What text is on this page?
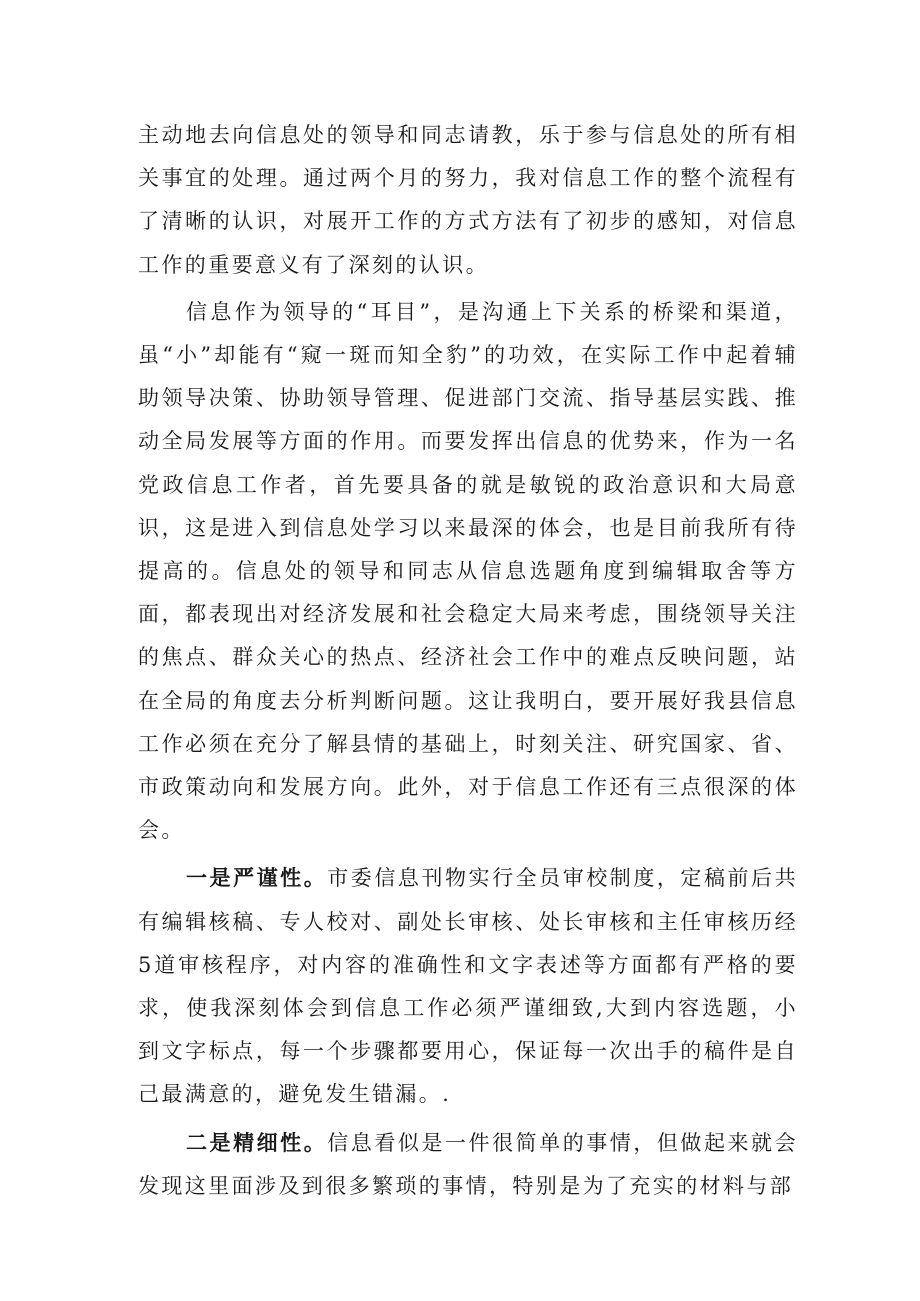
主动地去向信息处的领导和同志请教，乐于参与信息处的所有相关事宜的处理。通过两个月的努力，我对信息工作的整个流程有了清晰的认识，对展开工作的方式方法有了初步的感知，对信息工作的重要意义有了深刻的认识。

信息作为领导的“耳目”，是沟通上下关系的桥梁和渠道，虽“小”却能有“窥一斑而知全豹”的功效，在实际工作中起着辅助领导决策、协助领导管理、促进部门交流、指导基层实践、推动全局发展等方面的作用。而要发挥出信息的优势来，作为一名党政信息工作者，首先要具备的就是敏锐的政治意识和大局意识，这是进入到信息处学习以来最深的体会，也是目前我所有待提高的。信息处的领导和同志从信息选题角度到编辑取舍等方面，都表现出对经济发展和社会稳定大局来考虑，围绕领导关注的焦点、群众关心的热点、经济社会工作中的难点反映问题，站在全局的角度去分析判断问题。这让我明白，要开展好我县信息工作必须在充分了解县情的基础上，时刻关注、研究国家、省、市政策动向和发展方向。此外，对于信息工作还有三点很深的体会。

一是严谨性。市委信息刊物实行全员审校制度，定稿前后共有编辑核稿、专人校对、副处长审核、处长审核和主任审核历经5道审核程序，对内容的准确性和文字表述等方面都有严格的要求，使我深刻体会到信息工作必须严谨细致,大到内容选题，小到文字标点，每一个步骤都要用心，保证每一次出手的稿件是自己最满意的，避免发生错漏。.

二是精细性。信息看似是一件很简单的事情，但做起来就会发现这里面涉及到很多繁琐的事情，特别是为了充实的材料与部
